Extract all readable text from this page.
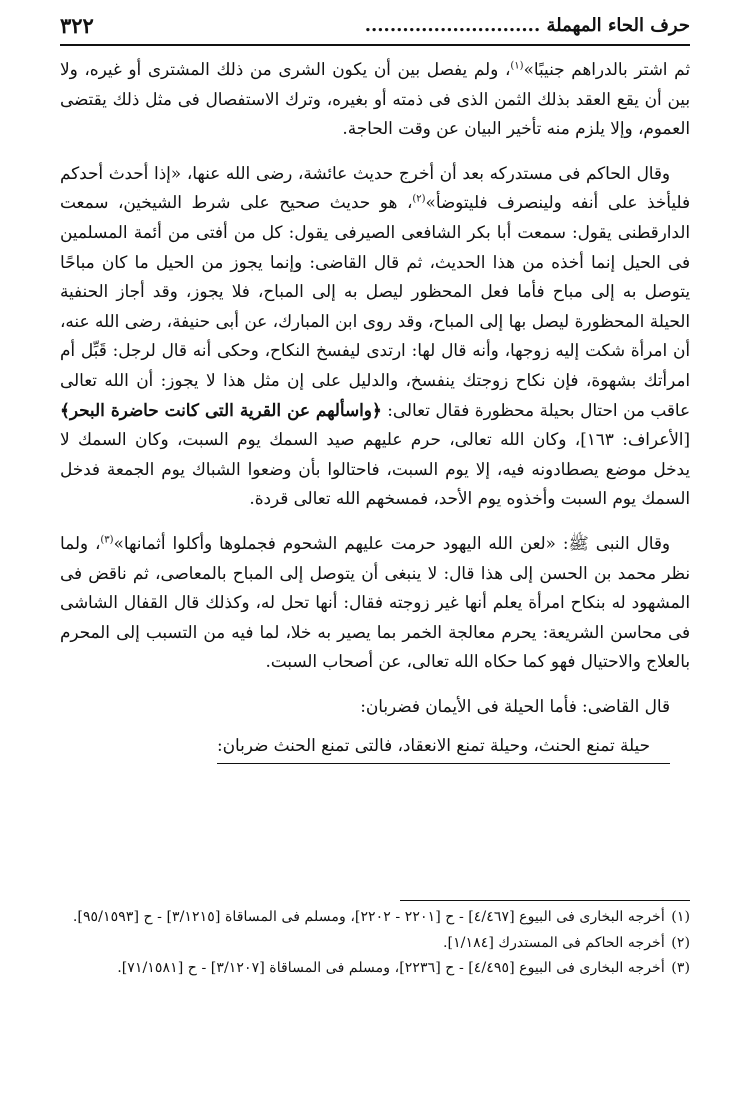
حرف الحاء المهملة ............................
٣٢٢

ثم اشتر بالدراهم جنيبًا»$^{(١)}$، ولم يفصل بين أن يكون الشرى من ذلك المشترى أو غيره، ولا بين أن يقع العقد بذلك الثمن الذى فى ذمته أو بغيره، وترك الاستفصال فى مثل ذلك يقتضى العموم، وإلا يلزم منه تأخير البيان عن وقت الحاجة.

وقال الحاكم فى مستدركه بعد أن أخرج حديث عائشة، رضى الله عنها، «إذا أحدث أحدكم فليأخذ على أنفه ولينصرف فليتوضأ»$^{(٢)}$، هو حديث صحيح على شرط الشيخين، سمعت الدارقطنى يقول: سمعت أبا بكر الشافعى الصيرفى يقول: كل من أفتى من أئمة المسلمين فى الحيل إنما أخذه من هذا الحديث، ثم قال القاضى: وإنما يجوز من الحيل ما كان مباحًا يتوصل به إلى مباح فأما فعل المحظور ليصل به إلى المباح، فلا يجوز، وقد أجاز الحنفية الحيلة المحظورة ليصل بها إلى المباح، وقد روى ابن المبارك، عن أبى حنيفة، رضى الله عنه، أن امرأة شكت إليه زوجها، وأنه قال لها: ارتدى ليفسخ النكاح، وحكى أنه قال لرجل: قَبِّل أم امرأتك بشهوة، فإن نكاح زوجتك ينفسخ، والدليل على إن مثل هذا لا يجوز: أن الله تعالى عاقب من احتال بحيلة محظورة فقال تعالى: ﴿واسألهم عن القرية التى كانت حاضرة البحر﴾ [الأعراف: ١٦٣]، وكان الله تعالى، حرم عليهم صيد السمك يوم السبت، وكان السمك لا يدخل موضع يصطادونه فيه، إلا يوم السبت، فاحتالوا بأن وضعوا الشباك يوم الجمعة فدخل السمك يوم السبت وأخذوه يوم الأحد، فمسخهم الله تعالى قردة.

وقال النبى ﷺ: «لعن الله اليهود حرمت عليهم الشحوم فجملوها وأكلوا أثمانها»$^{(٣)}$، ولما نظر محمد بن الحسن إلى هذا قال: لا ينبغى أن يتوصل إلى المباح بالمعاصى، ثم ناقض فى المشهود له بنكاح امرأة يعلم أنها غير زوجته فقال: أنها تحل له، وكذلك قال القفال الشاشى فى محاسن الشريعة: يحرم معالجة الخمر بما يصير به خلا، لما فيه من التسبب إلى المحرم بالعلاج والاحتيال فهو كما حكاه الله تعالى، عن أصحاب السبت.

قال القاضى: فأما الحيلة فى الأيمان فضربان:

حيلة تمنع الحنث، وحيلة تمنع الانعقاد، فالتى تمنع الحنث ضربان:

(١) أخرجه البخارى فى البيوع [٤/٤٦٧] - ح [٢٢٠١ - ٢٢٠٢]، ومسلم فى المساقاة [٣/١٢١٥] - ح [٩٥/١٥٩٣].

(٢) أخرجه الحاكم فى المستدرك [١/١٨٤].

(٣) أخرجه البخارى فى البيوع [٤/٤٩٥] - ح [٢٢٣٦]، ومسلم فى المساقاة [٣/١٢٠٧] - ح [٧١/١٥٨١].
